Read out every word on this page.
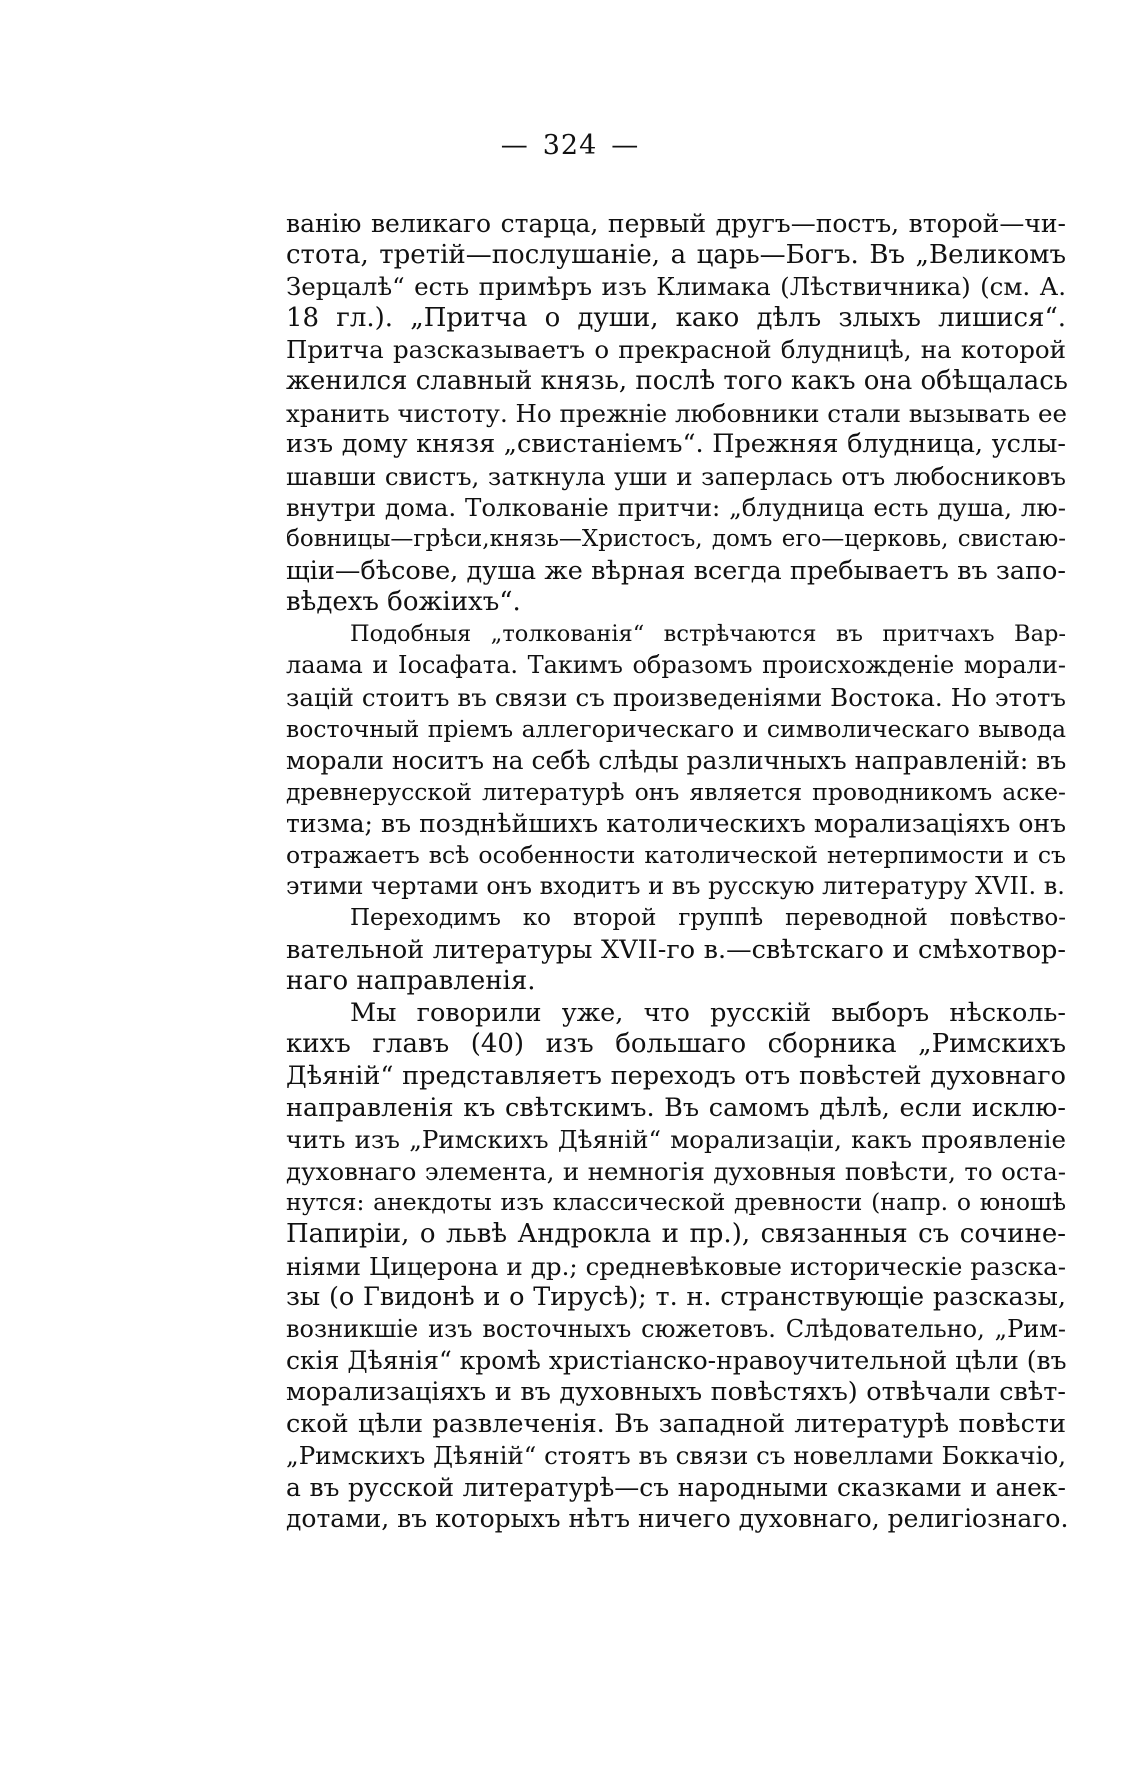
— 324 —
ванію великаго старца, первый другъ—постъ, второй—чи-
стота, третій—послушаніе, а царь—Богъ. Въ „Великомъ
Зерцалѣ“ есть примѣръ изъ Климака (Лѣствичника) (см. А.
18 гл.). „Притча о души, како дѣлъ злыхъ лишися“.
Притча разсказываетъ о прекрасной блудницѣ, на которой
женился славный князь, послѣ того какъ она обѣщалась
хранить чистоту. Но прежніе любовники стали вызывать ее
изъ дому князя „свистаніемъ“. Прежняя блудница, услы-
шавши свистъ, заткнула уши и заперлась отъ любосниковъ
внутри дома. Толкованіе притчи: „блудница есть душа, лю-
бовницы—грѣси,князь—Христосъ, домъ его—церковь, свистаю-
щіи—бѣсове, душа же вѣрная всегда пребываетъ въ запо-
вѣдехъ божіихъ“.
Подобныя „толкованія“ встрѣчаются въ притчахъ Вар-
лаама и Іосафата. Такимъ образомъ происхожденіе морали-
зацій стоитъ въ связи съ произведеніями Востока. Но этотъ
восточный пріемъ аллегорическаго и символическаго вывода
морали носитъ на себѣ слѣды различныхъ направленій: въ
древнерусской литературѣ онъ является проводникомъ аскe-
тизма; въ позднѣйшихъ католическихъ морализаціяхъ онъ
отражаетъ всѣ особенности католической нетерпимости и съ
этими чертами онъ входитъ и въ русскую литературу XVII. в.
Переходимъ ко второй группѣ переводной повѣство-
вательной литературы XVII-го в.—свѣтскаго и смѣхотвор-
наго направленія.
Мы говорили уже, что русскій выборъ нѣсколь-
кихъ главъ (40) изъ большаго сборника „Римскихъ
Дѣяній“ представляетъ переходъ отъ повѣстей духовнаго
направленія къ свѣтскимъ. Въ самомъ дѣлѣ, если исклю-
чить изъ „Римскихъ Дѣяній“ морализаціи, какъ проявленіе
духовнаго элемента, и немногія духовныя повѣсти, то оста-
нутся: анекдоты изъ классической древности (напр. о юношѣ
Папиріи, о львѣ Андрокла и пр.), связанныя съ сочине-
ніями Цицерона и др.; средневѣковые историческіе разска-
зы (о Гвидонѣ и о Тирусѣ); т. н. странствующіе разсказы,
возникшіе изъ восточныхъ сюжетовъ. Слѣдовательно, „Рим-
скія Дѣянія“ кромѣ христіанско-нравоучительной цѣли (въ
морализаціяхъ и въ духовныхъ повѣстяхъ) отвѣчали свѣт-
ской цѣли развлеченія. Въ западной литературѣ повѣсти
„Римскихъ Дѣяній“ стоятъ въ связи съ новеллами Боккачіо,
а въ русской литературѣ—съ народными сказками и анек-
дотами, въ которыхъ нѣтъ ничего духовнаго, религіознаго.
